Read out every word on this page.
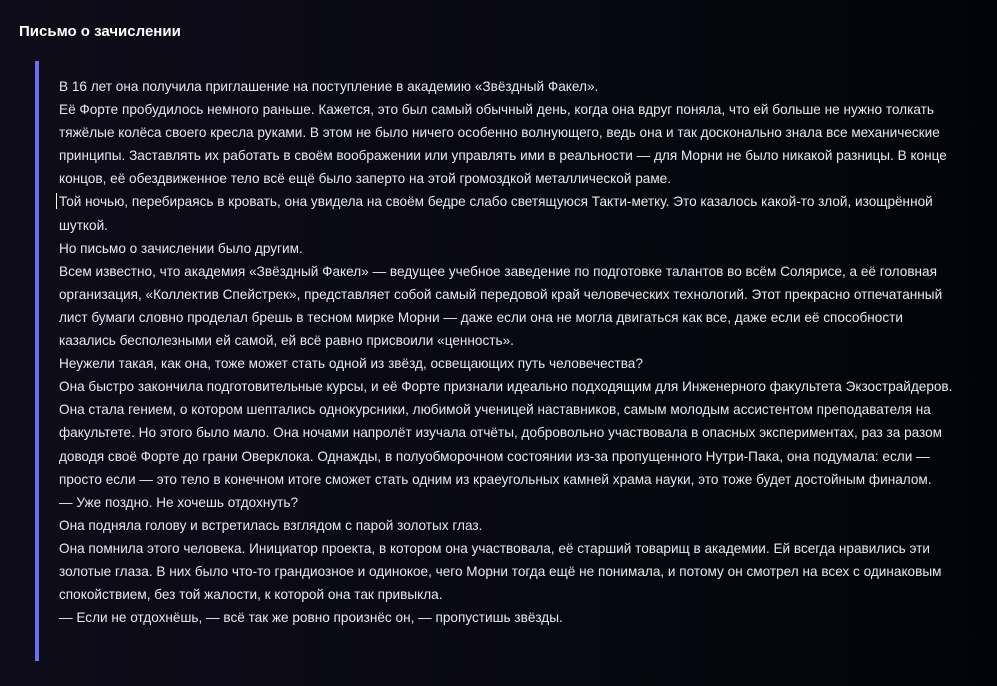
Письмо о зачислении

В 16 лет она получила приглашение на поступление в академию «Звёздный Факел».

Её Форте пробудилось немного раньше. Кажется, это был самый обычный день, когда она вдруг поняла, что ей больше не нужно толкать тяжёлые колёса своего кресла руками. В этом не было ничего особенно волнующего, ведь она и так досконально знала все механические принципы. Заставлять их работать в своём воображении или управлять ими в реальности — для Морни не было никакой разницы. В конце концов, её обездвиженное тело всё ещё было заперто на этой громоздкой металлической раме.

Той ночью, перебираясь в кровать, она увидела на своём бедре слабо светящуюся Такти-метку. Это казалось какой-то злой, изощрённой шуткой.

Но письмо о зачислении было другим.

Всем известно, что академия «Звёздный Факел» — ведущее учебное заведение по подготовке талантов во всём Солярисе, а её головная организация, «Коллектив Спейстрек», представляет собой самый передовой край человеческих технологий. Этот прекрасно отпечатанный лист бумаги словно проделал брешь в тесном мирке Морни — даже если она не могла двигаться как все, даже если её способности казались бесполезными ей самой, ей всё равно присвоили «ценность».

Неужели такая, как она, тоже может стать одной из звёзд, освещающих путь человечества?

Она быстро закончила подготовительные курсы, и её Форте признали идеально подходящим для Инженерного факультета Экзострайдеров. Она стала гением, о котором шептались однокурсники, любимой ученицей наставников, самым молодым ассистентом преподавателя на факультете. Но этого было мало. Она ночами напролёт изучала отчёты, добровольно участвовала в опасных экспериментах, раз за разом доводя своё Форте до грани Оверклока. Однажды, в полуобморочном состоянии из-за пропущенного Нутри-Пака, она подумала: если — просто если — это тело в конечном итоге сможет стать одним из краеугольных камней храма науки, это тоже будет достойным финалом.

— Уже поздно. Не хочешь отдохнуть?

Она подняла голову и встретилась взглядом с парой золотых глаз.

Она помнила этого человека. Инициатор проекта, в котором она участвовала, её старший товарищ в академии. Ей всегда нравились эти золотые глаза. В них было что-то грандиозное и одинокое, чего Морни тогда ещё не понимала, и потому он смотрел на всех с одинаковым спокойствием, без той жалости, к которой она так привыкла.

— Если не отдохнёшь, — всё так же ровно произнёс он, — пропустишь звёзды.
